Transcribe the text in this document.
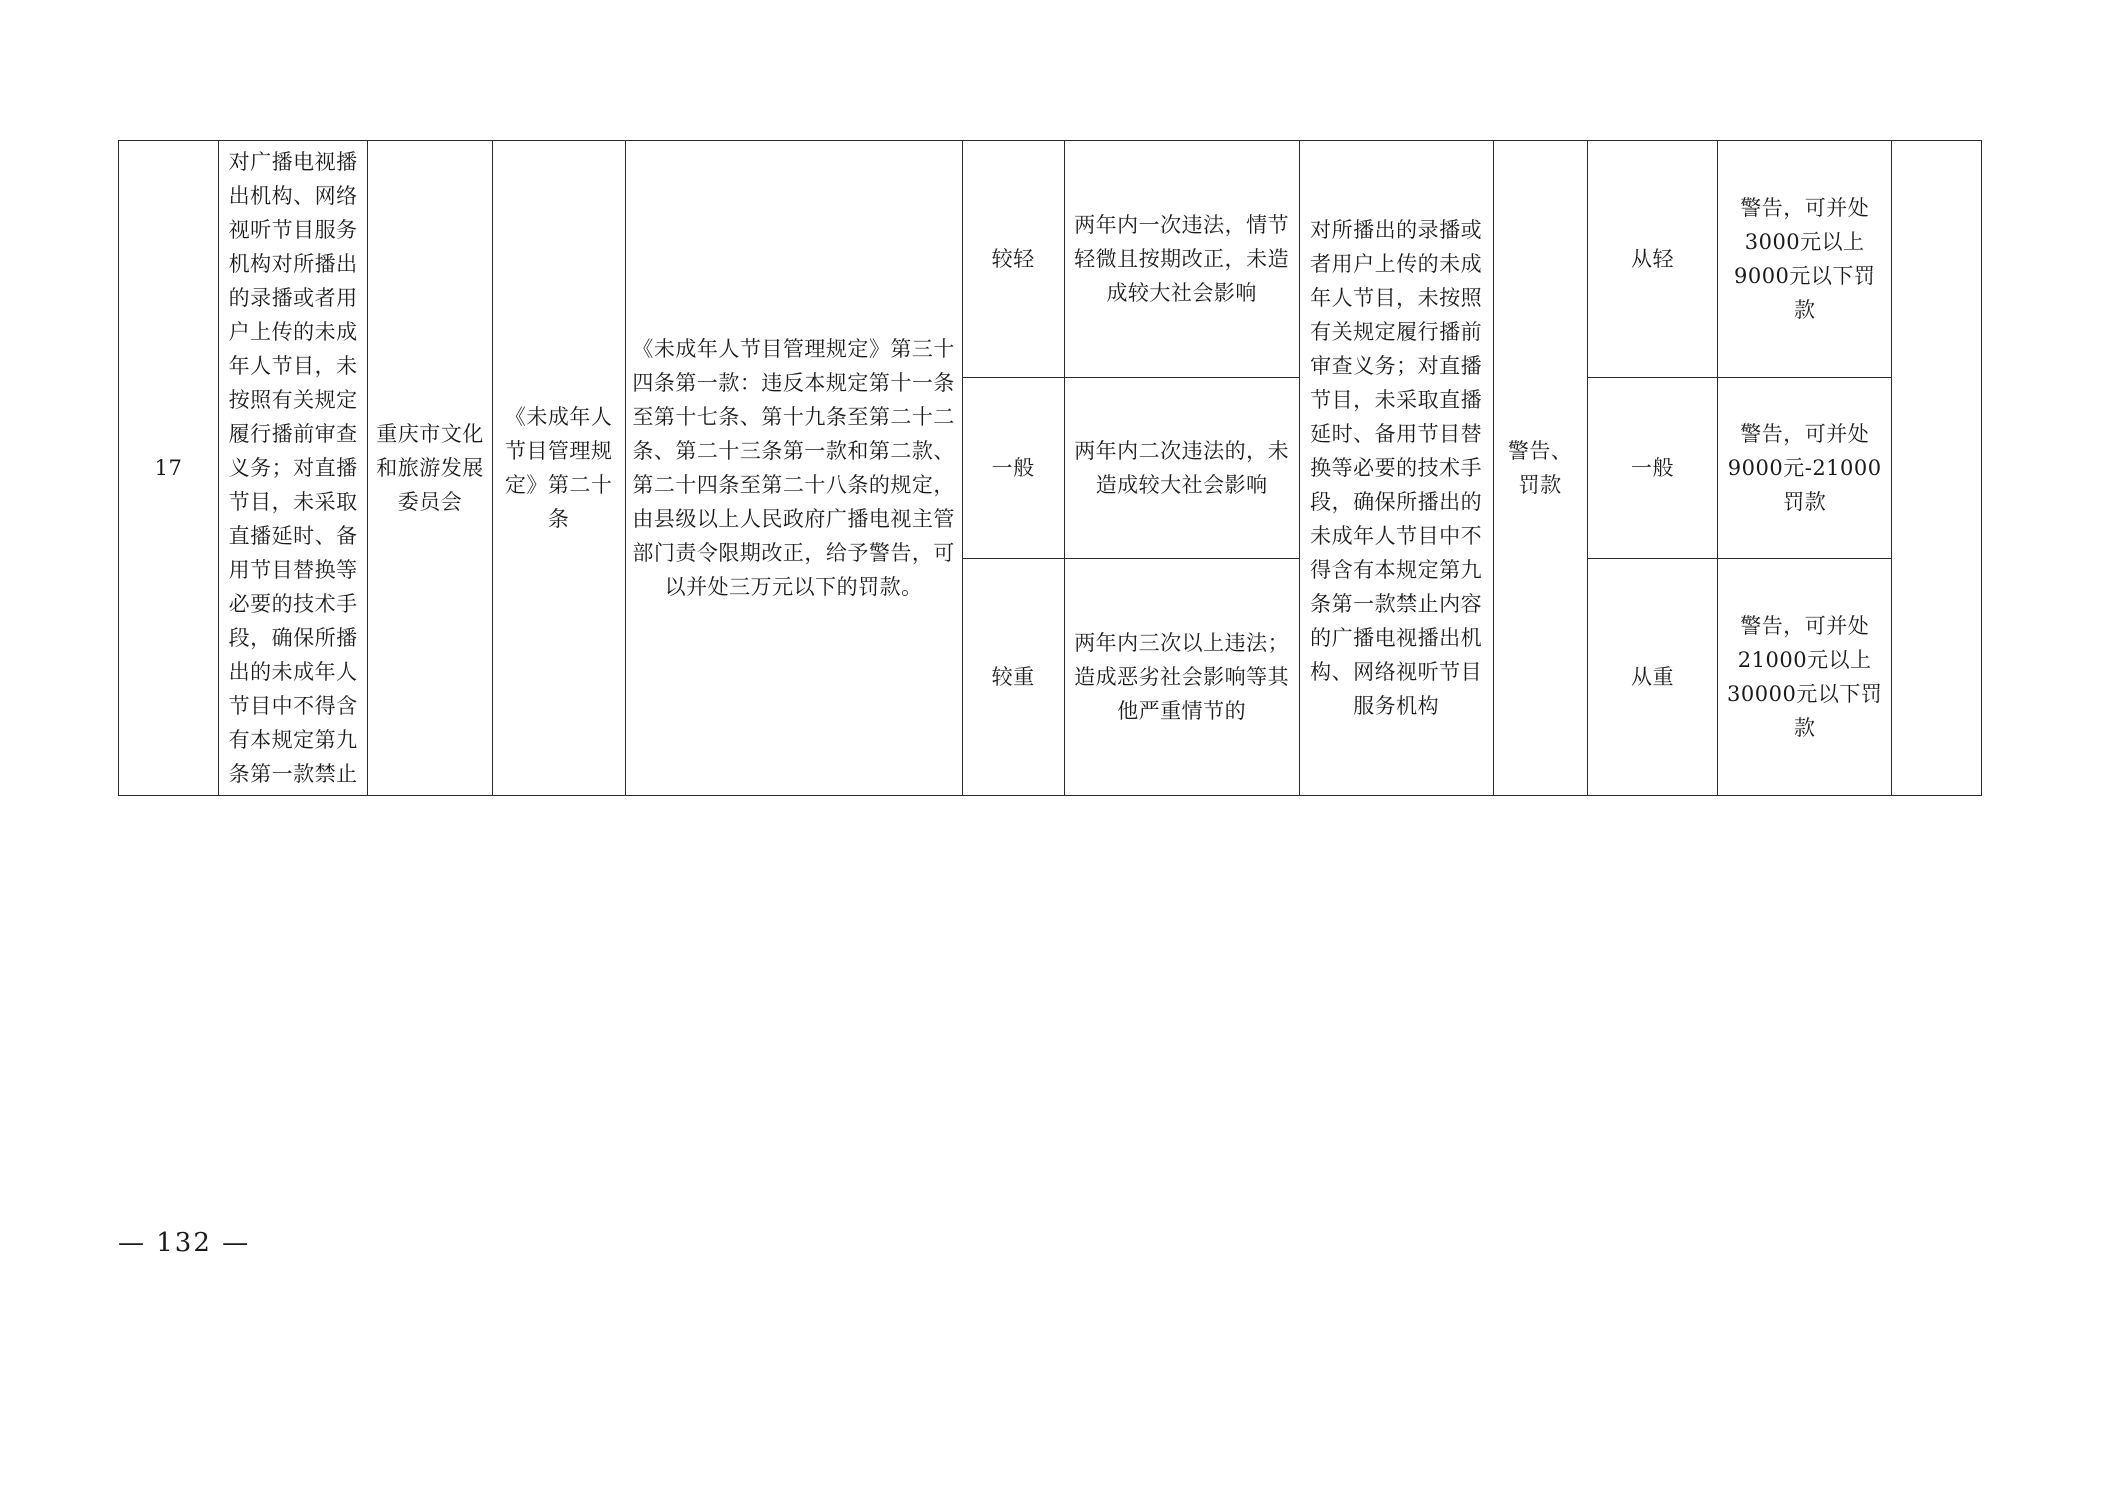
17	对广播电视播出机构、网络视听节目服务机构对所播出的录播或者用户上传的未成年人节目，未按照有关规定履行播前审查义务；对直播节目，未采取直播延时、备用节目替换等必要的技术手段，确保所播出的未成年人节目中不得含有本规定第九条第一款禁止	重庆市文化和旅游发展委员会	《未成年人节目管理规定》第二十条	《未成年人节目管理规定》第三十四条第一款：违反本规定第十一条至第十七条、第十九条至第二十二条、第二十三条第一款和第二款、第二十四条至第二十八条的规定，由县级以上人民政府广播电视主管部门责令限期改正，给予警告，可以并处三万元以下的罚款。	较轻	两年内一次违法，情节轻微且按期改正，未造成较大社会影响	对所播出的录播或者用户上传的未成年人节目，未按照有关规定履行播前审查义务；对直播节目，未采取直播延时、备用节目替换等必要的技术手段，确保所播出的未成年人节目中不得含有本规定第九条第一款禁止内容的广播电视播出机构、网络视听节目服务机构	警告、罚款	从轻	警告，可并处3000元以上9000元以下罚款	
					一般	两年内二次违法的，未造成较大社会影响			一般	警告，可并处9000元-21000罚款	
					较重	两年内三次以上违法；造成恶劣社会影响等其他严重情节的			从重	警告，可并处21000元以上30000元以下罚款	
— 132 —
